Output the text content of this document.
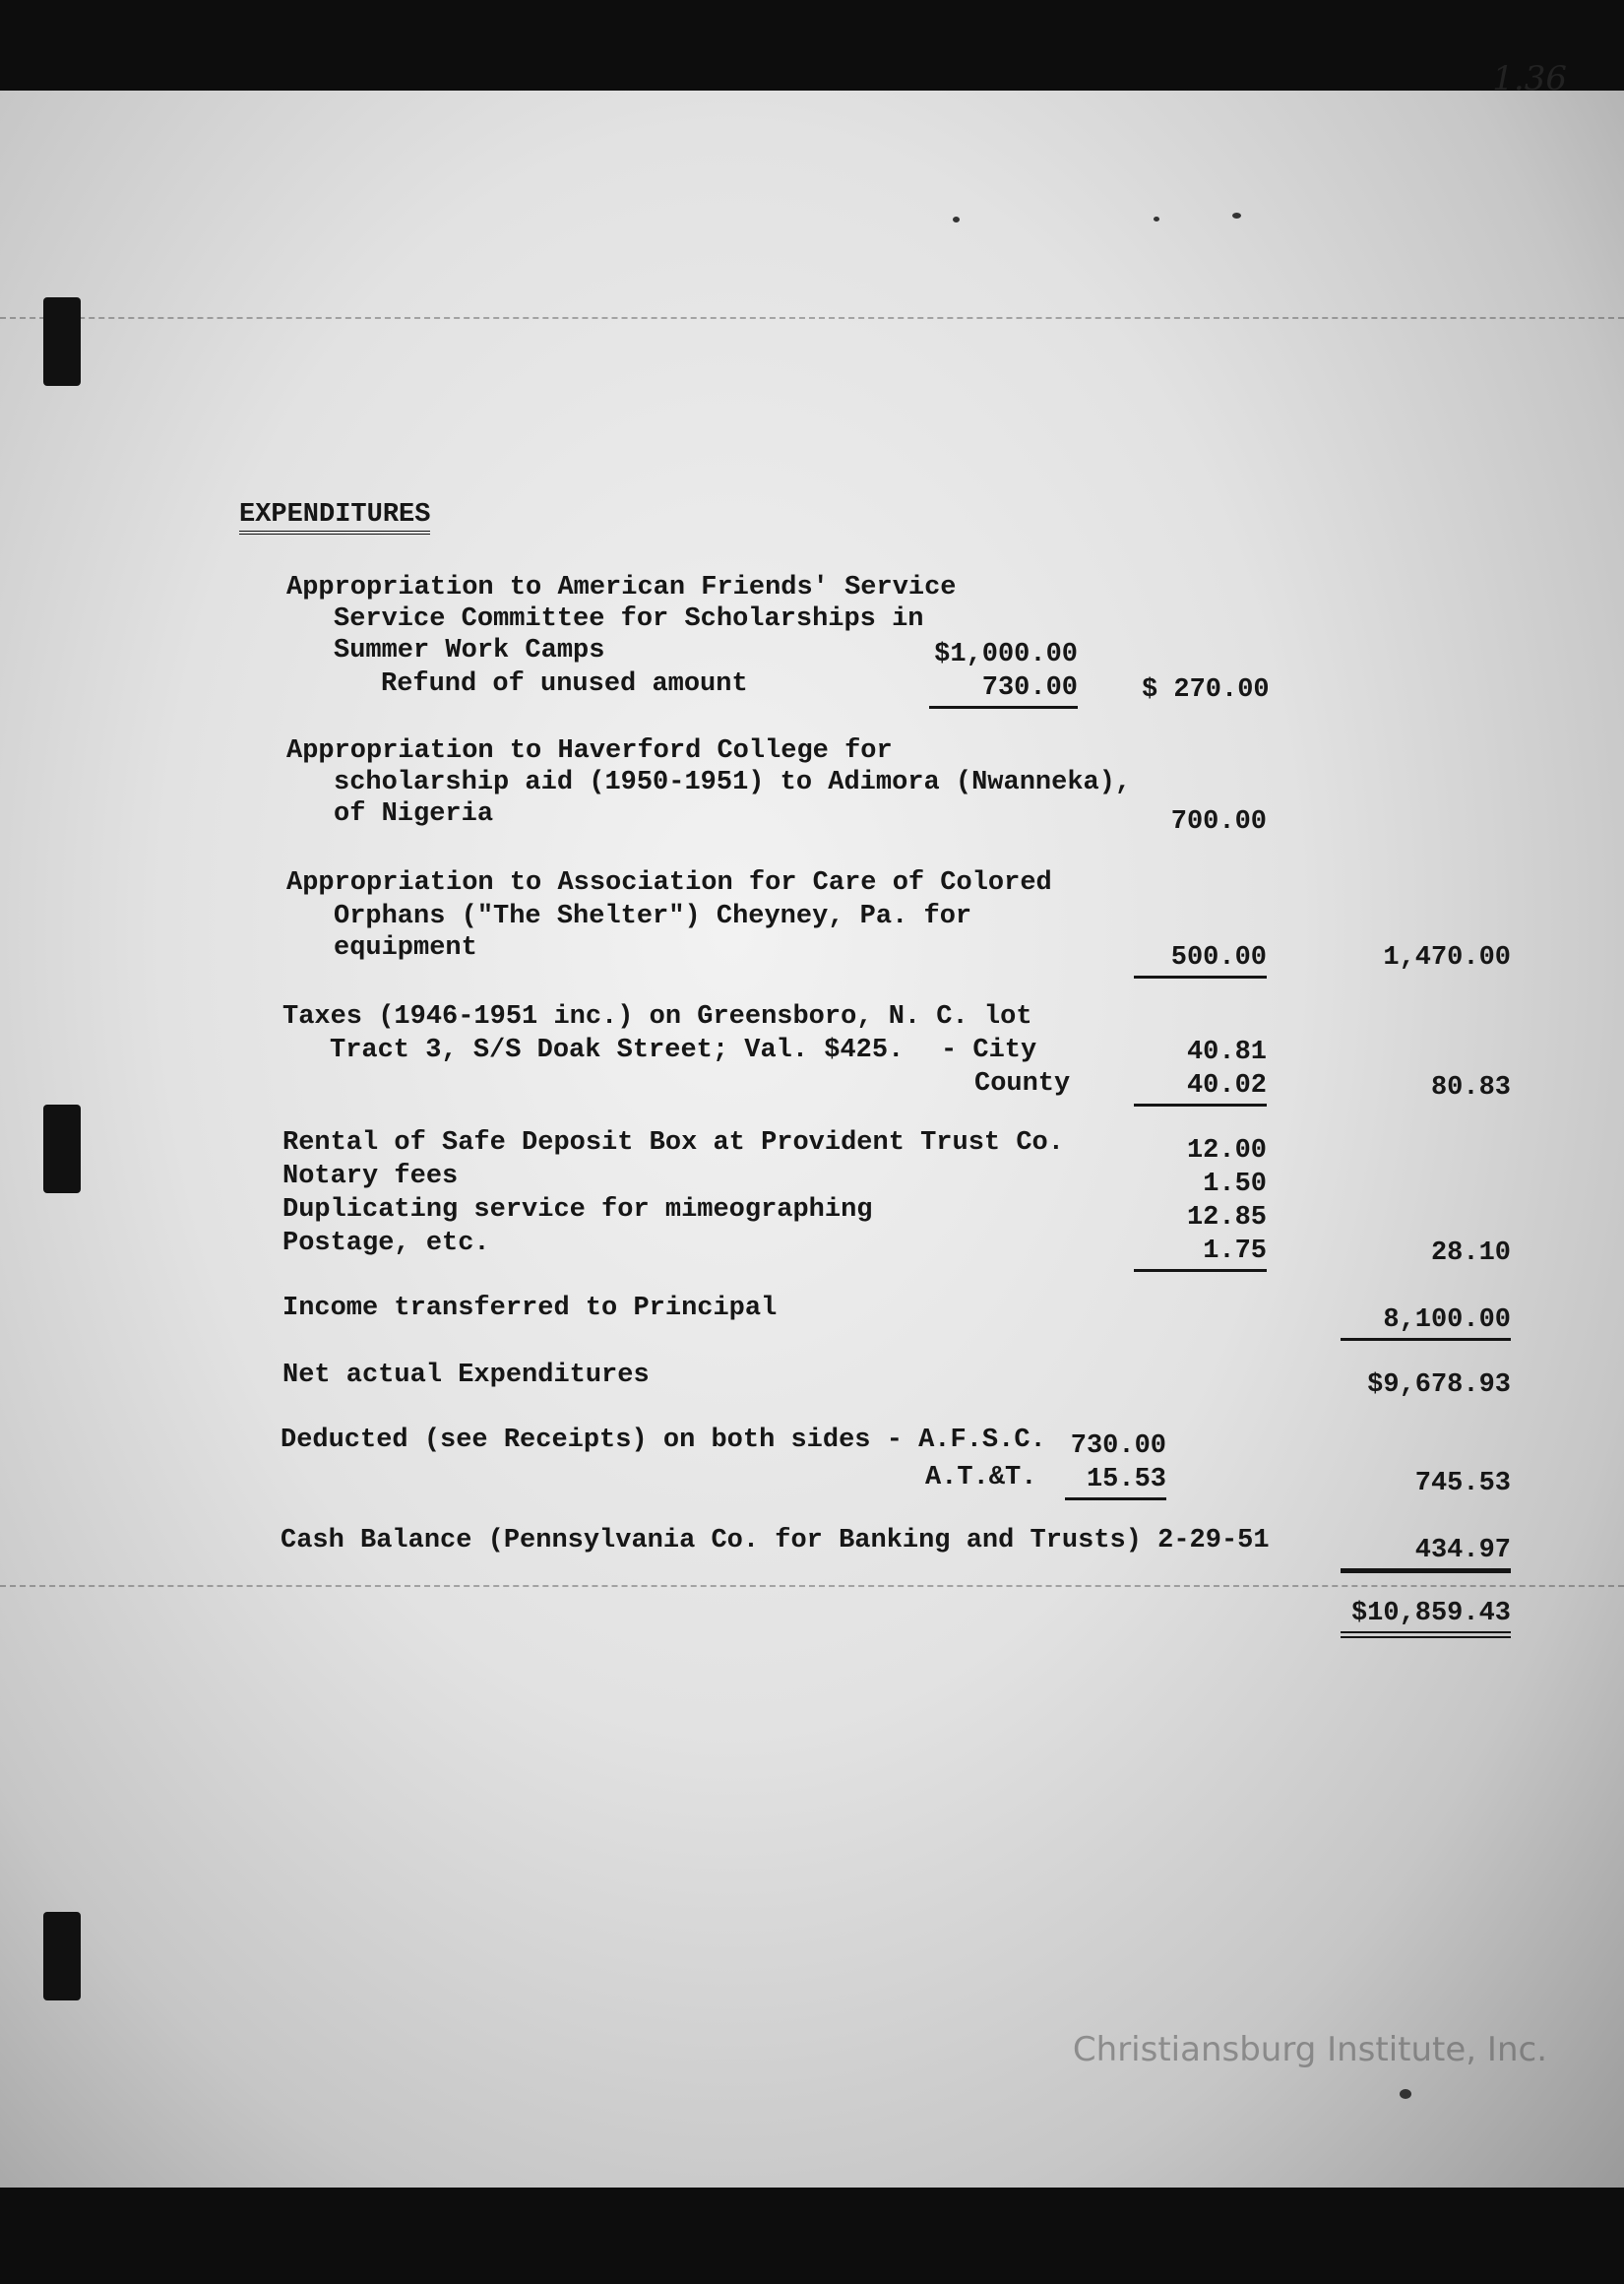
1.36
EXPENDITURES
Appropriation to American Friends' Service
Service Committee for Scholarships in
Summer Work Camps	$1,000.00
Refund of unused amount	730.00 $ 270.00
Appropriation to Haverford College for
scholarship aid (1950-1951) to Adimora (Nwanneka),
of Nigeria	700.00
Appropriation to Association for Care of Colored
Orphans ("The Shelter") Cheyney, Pa. for
equipment	500.00	1,470.00
Taxes (1946-1951 inc.) on Greensboro, N. C. lot
Tract 3, S/S Doak Street; Val. $425. - City	40.81
County	40.02	80.83
Rental of Safe Deposit Box at Provident Trust Co.	12.00
Notary fees	1.50
Duplicating service for mimeographing	12.85
Postage, etc.	1.75	28.10
Income transferred to Principal	8,100.00
Net actual Expenditures	$9,678.93
Deducted (see Receipts) on both sides - A.F.S.C. 730.00
A.T.&T.	15.53	745.53
Cash Balance (Pennsylvania Co. for Banking and Trusts) 2-29-51	434.97
$10,859.43
Christiansburg Institute, Inc.
